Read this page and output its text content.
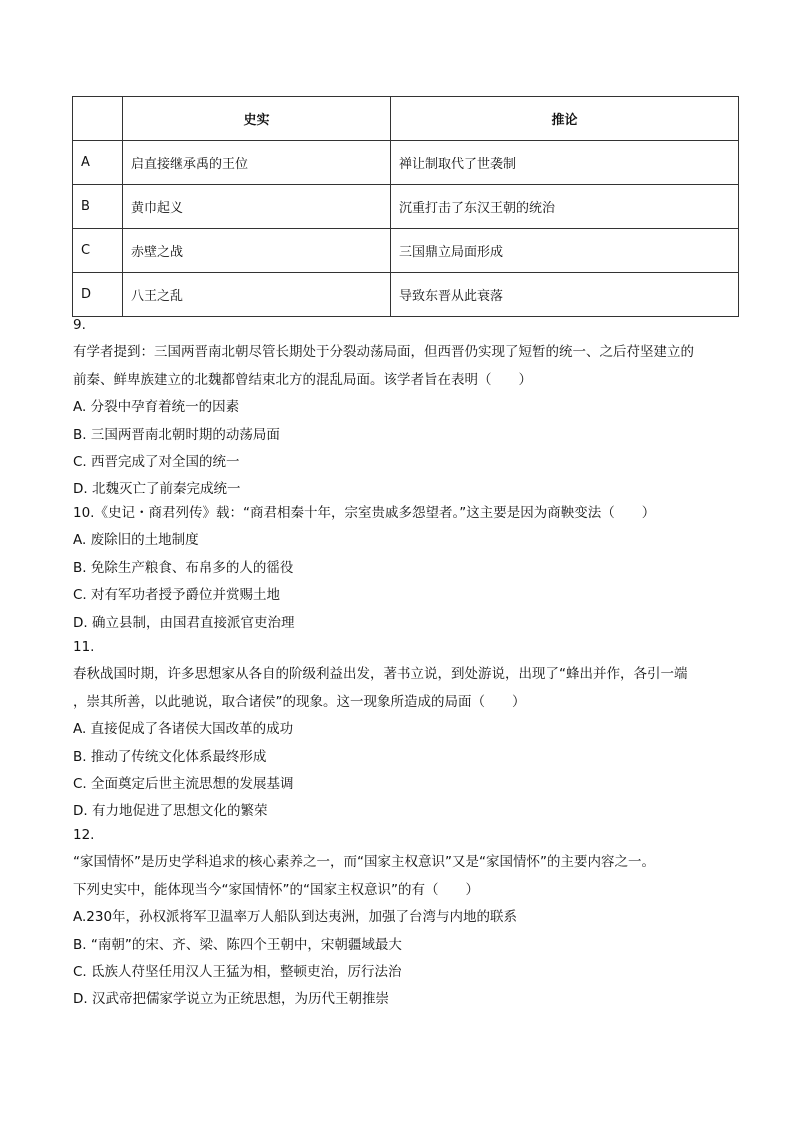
	史实	推论
A	启直接继承禹的王位	禅让制取代了世袭制
B	黄巾起义	沉重打击了东汉王朝的统治
C	赤壁之战	三国鼎立局面形成
D	八王之乱	导致东晋从此衰落
9.
有学者提到：三国两晋南北朝尽管长期处于分裂动荡局面，但西晋仍实现了短暂的统一、之后苻坚建立的
前秦、鲜卑族建立的北魏都曾结束北方的混乱局面。该学者旨在表明（　　）
A. 分裂中孕育着统一的因素
B. 三国两晋南北朝时期的动荡局面
C. 西晋完成了对全国的统一
D. 北魏灭亡了前秦完成统一
10.《史记・商君列传》载：“商君相秦十年，宗室贵戚多怨望者。”这主要是因为商鞅变法（　　）
A. 废除旧的土地制度
B. 免除生产粮食、布帛多的人的徭役
C. 对有军功者授予爵位并赏赐土地
D. 确立县制，由国君直接派官吏治理
11.
春秋战国时期，许多思想家从各自的阶级利益出发，著书立说，到处游说，出现了“蜂出并作，各引一端
，崇其所善，以此驰说，取合诸侯”的现象。这一现象所造成的局面（　　）
A. 直接促成了各诸侯大国改革的成功
B. 推动了传统文化体系最终形成
C. 全面奠定后世主流思想的发展基调
D. 有力地促进了思想文化的繁荣
12.
“家国情怀”是历史学科追求的核心素养之一，而“国家主权意识”又是“家国情怀”的主要内容之一。
下列史实中，能体现当今“家国情怀”的“国家主权意识”的有（　　）
A.230年，孙权派将军卫温率万人船队到达夷洲，加强了台湾与内地的联系
B. “南朝”的宋、齐、梁、陈四个王朝中，宋朝疆域最大
C. 氐族人苻坚任用汉人王猛为相，整顿吏治，厉行法治
D. 汉武帝把儒家学说立为正统思想，为历代王朝推崇
